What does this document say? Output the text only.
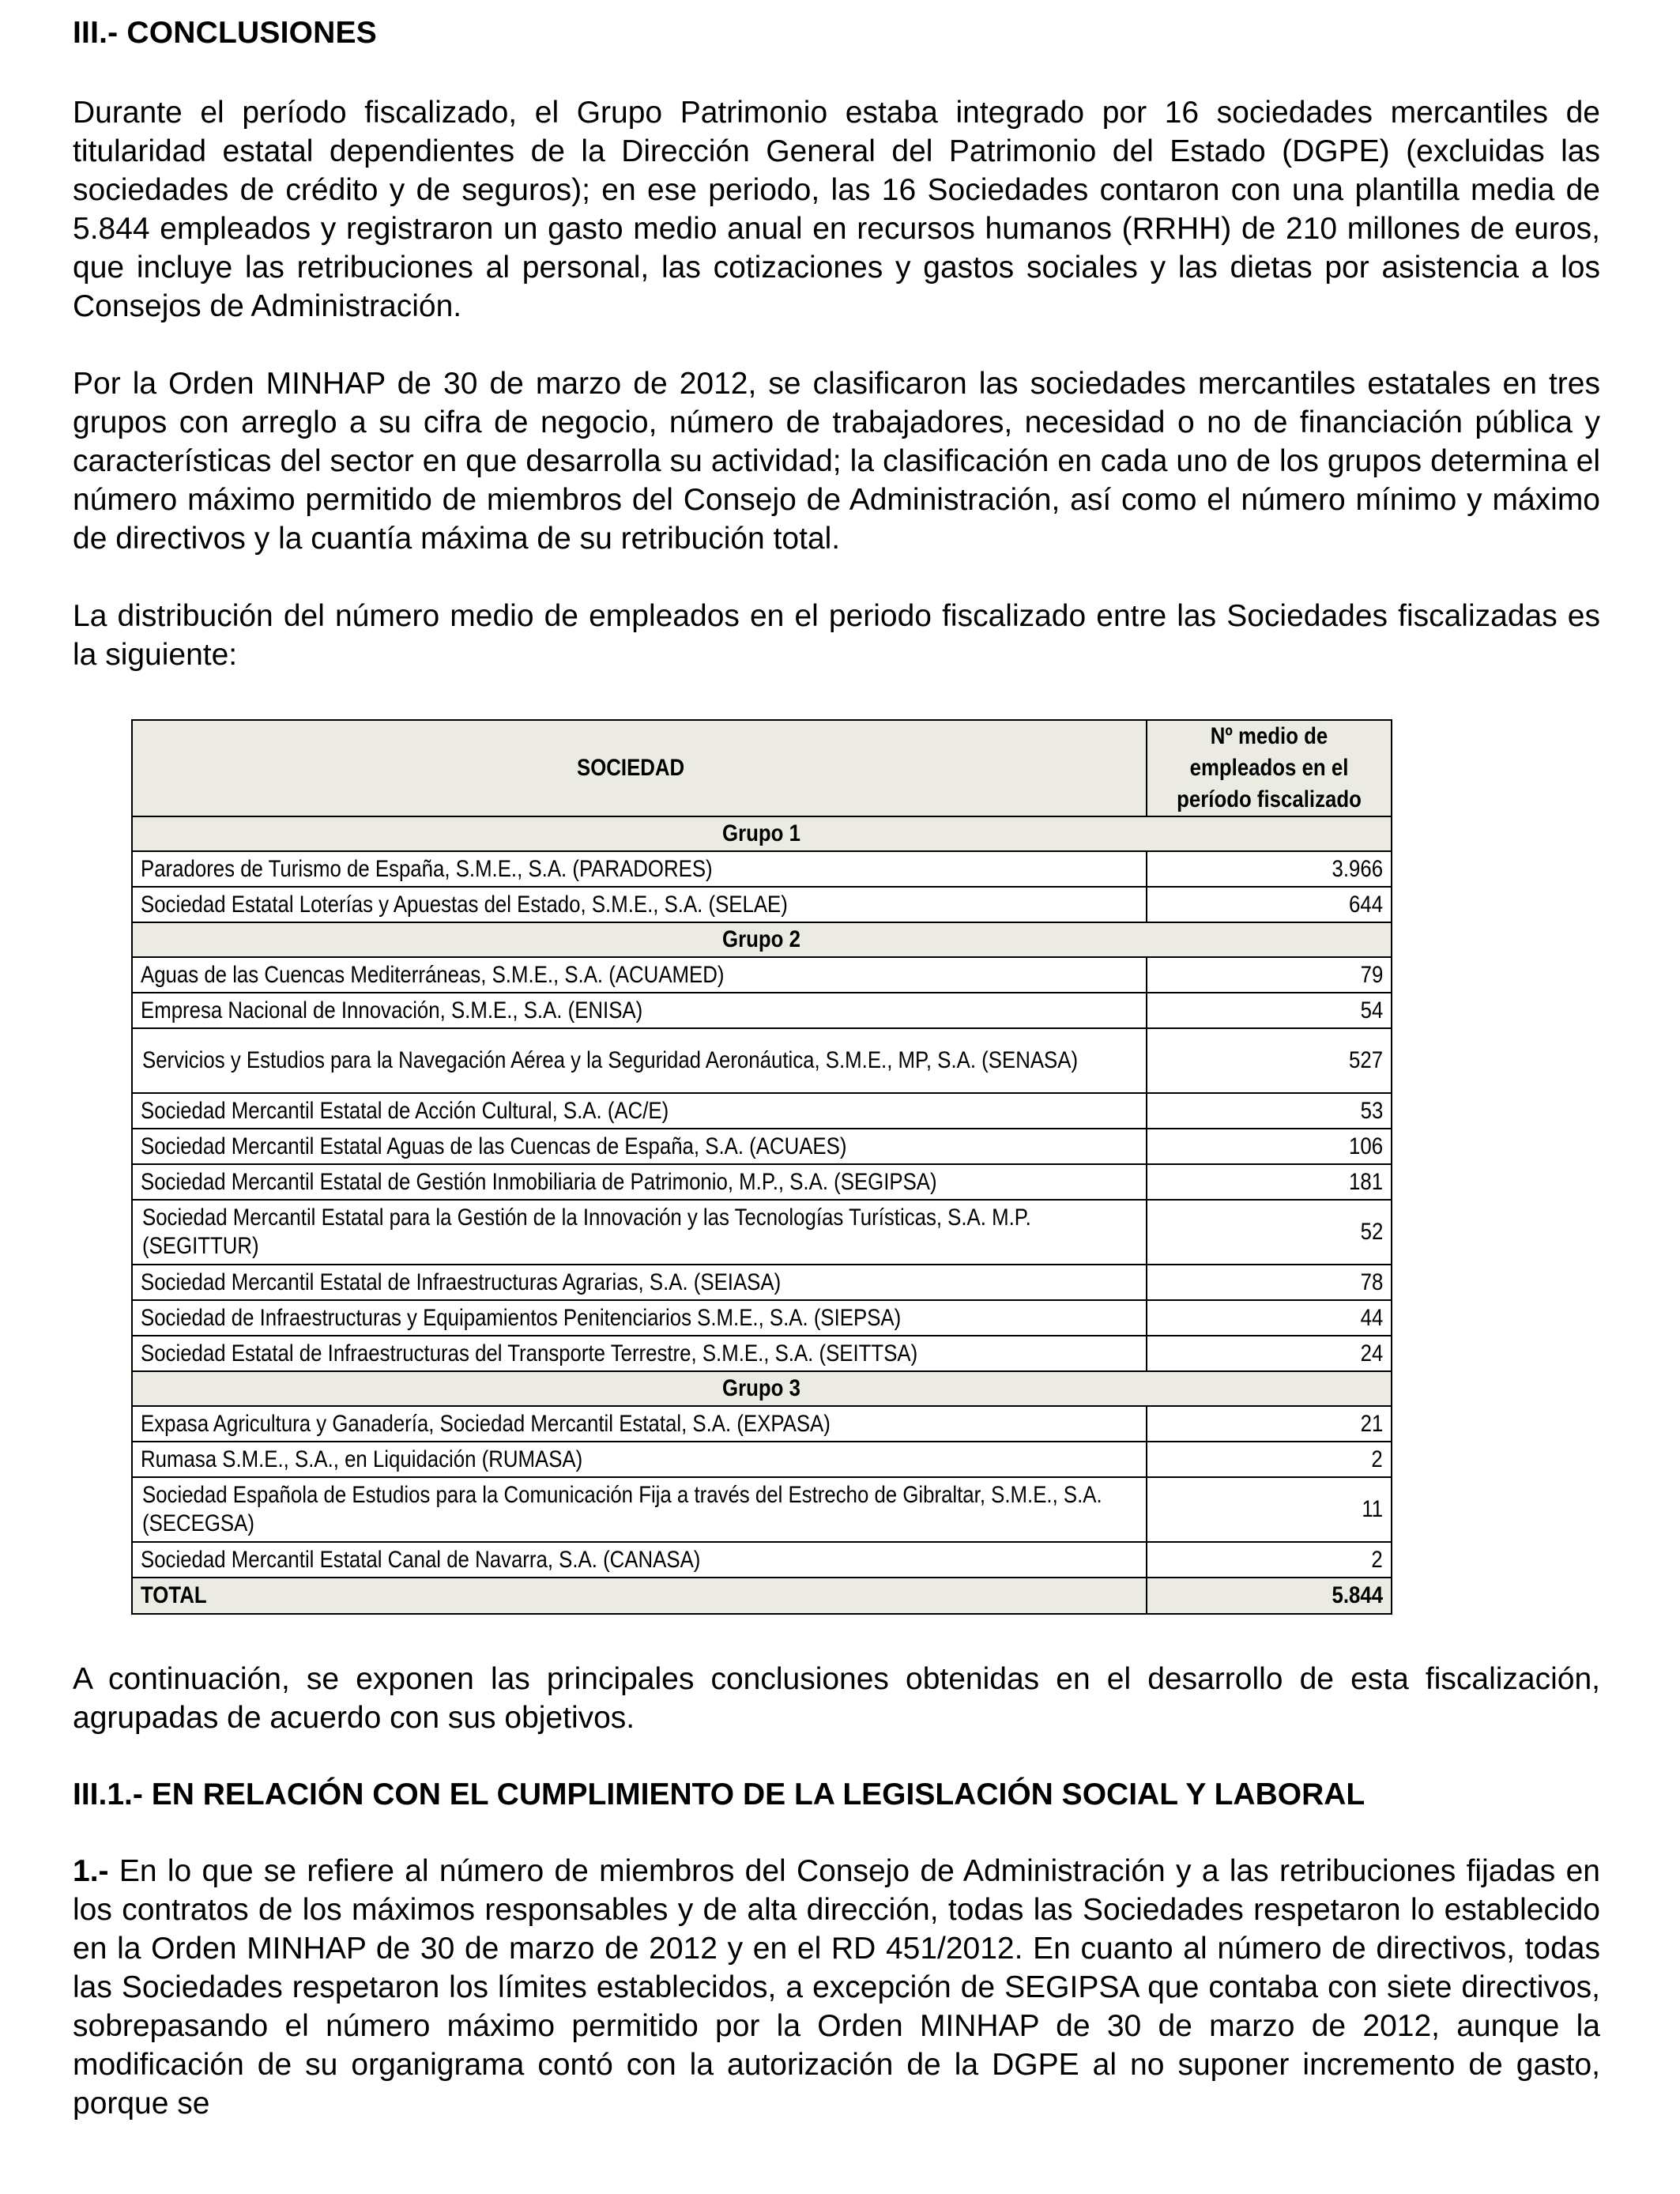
III.- CONCLUSIONES

Durante el período fiscalizado, el Grupo Patrimonio estaba integrado por 16 sociedades mercantiles de titularidad estatal dependientes de la Dirección General del Patrimonio del Estado (DGPE) (excluidas las sociedades de crédito y de seguros); en ese periodo, las 16 Sociedades contaron con una plantilla media de 5.844 empleados y registraron un gasto medio anual en recursos humanos (RRHH) de 210 millones de euros, que incluye las retribuciones al personal, las cotizaciones y gastos sociales y las dietas por asistencia a los Consejos de Administración.

Por la Orden MINHAP de 30 de marzo de 2012, se clasificaron las sociedades mercantiles estatales en tres grupos con arreglo a su cifra de negocio, número de trabajadores, necesidad o no de financiación pública y características del sector en que desarrolla su actividad; la clasificación en cada uno de los grupos determina el número máximo permitido de miembros del Consejo de Administración, así como el número mínimo y máximo de directivos y la cuantía máxima de su retribución total.

La distribución del número medio de empleados en el periodo fiscalizado entre las Sociedades fiscalizadas es la siguiente:

SOCIEDAD	Nº medio de empleados en el período fiscalizado
Grupo 1	
Paradores de Turismo de España, S.M.E., S.A. (PARADORES)	3.966
Sociedad Estatal Loterías y Apuestas del Estado, S.M.E., S.A. (SELAE)	644
Grupo 2	
Aguas de las Cuencas Mediterráneas, S.M.E., S.A. (ACUAMED)	79
Empresa Nacional de Innovación, S.M.E., S.A. (ENISA)	54
Servicios y Estudios para la Navegación Aérea y la Seguridad Aeronáutica, S.M.E., MP, S.A. (SENASA)	527
Sociedad Mercantil Estatal de Acción Cultural, S.A. (AC/E)	53
Sociedad Mercantil Estatal Aguas de las Cuencas de España, S.A. (ACUAES)	106
Sociedad Mercantil Estatal de Gestión Inmobiliaria de Patrimonio, M.P., S.A. (SEGIPSA)	181
Sociedad Mercantil Estatal para la Gestión de la Innovación y las Tecnologías Turísticas, S.A. M.P. (SEGITTUR)	52
Sociedad Mercantil Estatal de Infraestructuras Agrarias, S.A. (SEIASA)	78
Sociedad de Infraestructuras y Equipamientos Penitenciarios S.M.E., S.A. (SIEPSA)	44
Sociedad Estatal de Infraestructuras del Transporte Terrestre, S.M.E., S.A. (SEITTSA)	24
Grupo 3	
Expasa Agricultura y Ganadería, Sociedad Mercantil Estatal, S.A. (EXPASA)	21
Rumasa S.M.E., S.A., en Liquidación (RUMASA)	2
Sociedad Española de Estudios para la Comunicación Fija a través del Estrecho de Gibraltar, S.M.E., S.A. (SECEGSA)	11
Sociedad Mercantil Estatal Canal de Navarra, S.A. (CANASA)	2
TOTAL	5.844

A continuación, se exponen las principales conclusiones obtenidas en el desarrollo de esta fiscalización, agrupadas de acuerdo con sus objetivos.

III.1.- EN RELACIÓN CON EL CUMPLIMIENTO DE LA LEGISLACIÓN SOCIAL Y LABORAL

1.- En lo que se refiere al número de miembros del Consejo de Administración y a las retribuciones fijadas en los contratos de los máximos responsables y de alta dirección, todas las Sociedades respetaron lo establecido en la Orden MINHAP de 30 de marzo de 2012 y en el RD 451/2012. En cuanto al número de directivos, todas las Sociedades respetaron los límites establecidos, a excepción de SEGIPSA que contaba con siete directivos, sobrepasando el número máximo permitido por la Orden MINHAP de 30 de marzo de 2012, aunque la modificación de su organigrama contó con la autorización de la DGPE al no suponer incremento de gasto, porque se
